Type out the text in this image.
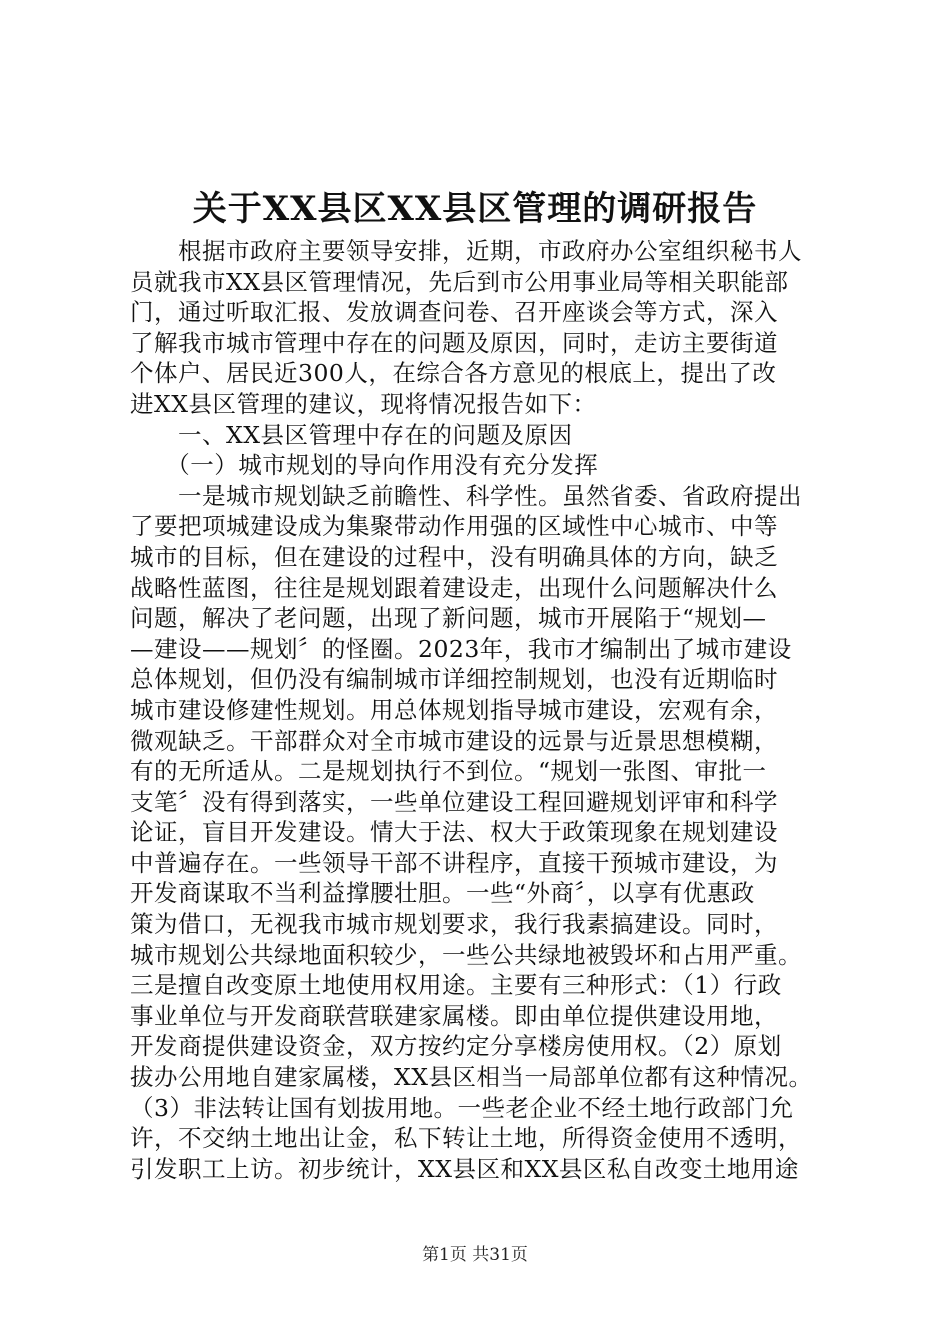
关于XX县区XX县区管理的调研报告
　　根据市政府主要领导安排，近期，市政府办公室组织秘书人
员就我市XX县区管理情况，先后到市公用事业局等相关职能部
门，通过听取汇报、发放调查问卷、召开座谈会等方式，深入
了解我市城市管理中存在的问题及原因，同时，走访主要街道
个体户、居民近300人，在综合各方意见的根底上，提出了改
进XX县区管理的建议，现将情况报告如下：
　　一、XX县区管理中存在的问题及原因
　　（一）城市规划的导向作用没有充分发挥
　　一是城市规划缺乏前瞻性、科学性。虽然省委、省政府提出
了要把项城建设成为集聚带动作用强的区域性中心城市、中等
城市的目标，但在建设的过程中，没有明确具体的方向，缺乏
战略性蓝图，往往是规划跟着建设走，出现什么问题解决什么
问题，解决了老问题，出现了新问题，城市开展陷于“规划—
—建设——规划〞的怪圈。2023年，我市才编制出了城市建设
总体规划，但仍没有编制城市详细控制规划，也没有近期临时
城市建设修建性规划。用总体规划指导城市建设，宏观有余，
微观缺乏。干部群众对全市城市建设的远景与近景思想模糊，
有的无所适从。二是规划执行不到位。“规划一张图、审批一
支笔〞没有得到落实，一些单位建设工程回避规划评审和科学
论证，盲目开发建设。情大于法、权大于政策现象在规划建设
中普遍存在。一些领导干部不讲程序，直接干预城市建设，为
开发商谋取不当利益撑腰壮胆。一些“外商〞，以享有优惠政
策为借口，无视我市城市规划要求，我行我素搞建设。同时，
城市规划公共绿地面积较少，一些公共绿地被毁坏和占用严重。
三是擅自改变原土地使用权用途。主要有三种形式：（1）行政
事业单位与开发商联营联建家属楼。即由单位提供建设用地，
开发商提供建设资金，双方按约定分享楼房使用权。（2）原划
拔办公用地自建家属楼，XX县区相当一局部单位都有这种情况。
（3）非法转让国有划拔用地。一些老企业不经土地行政部门允
许，不交纳土地出让金，私下转让土地，所得资金使用不透明，
引发职工上访。初步统计，XX县区和XX县区私自改变土地用途
第1页 共31页
